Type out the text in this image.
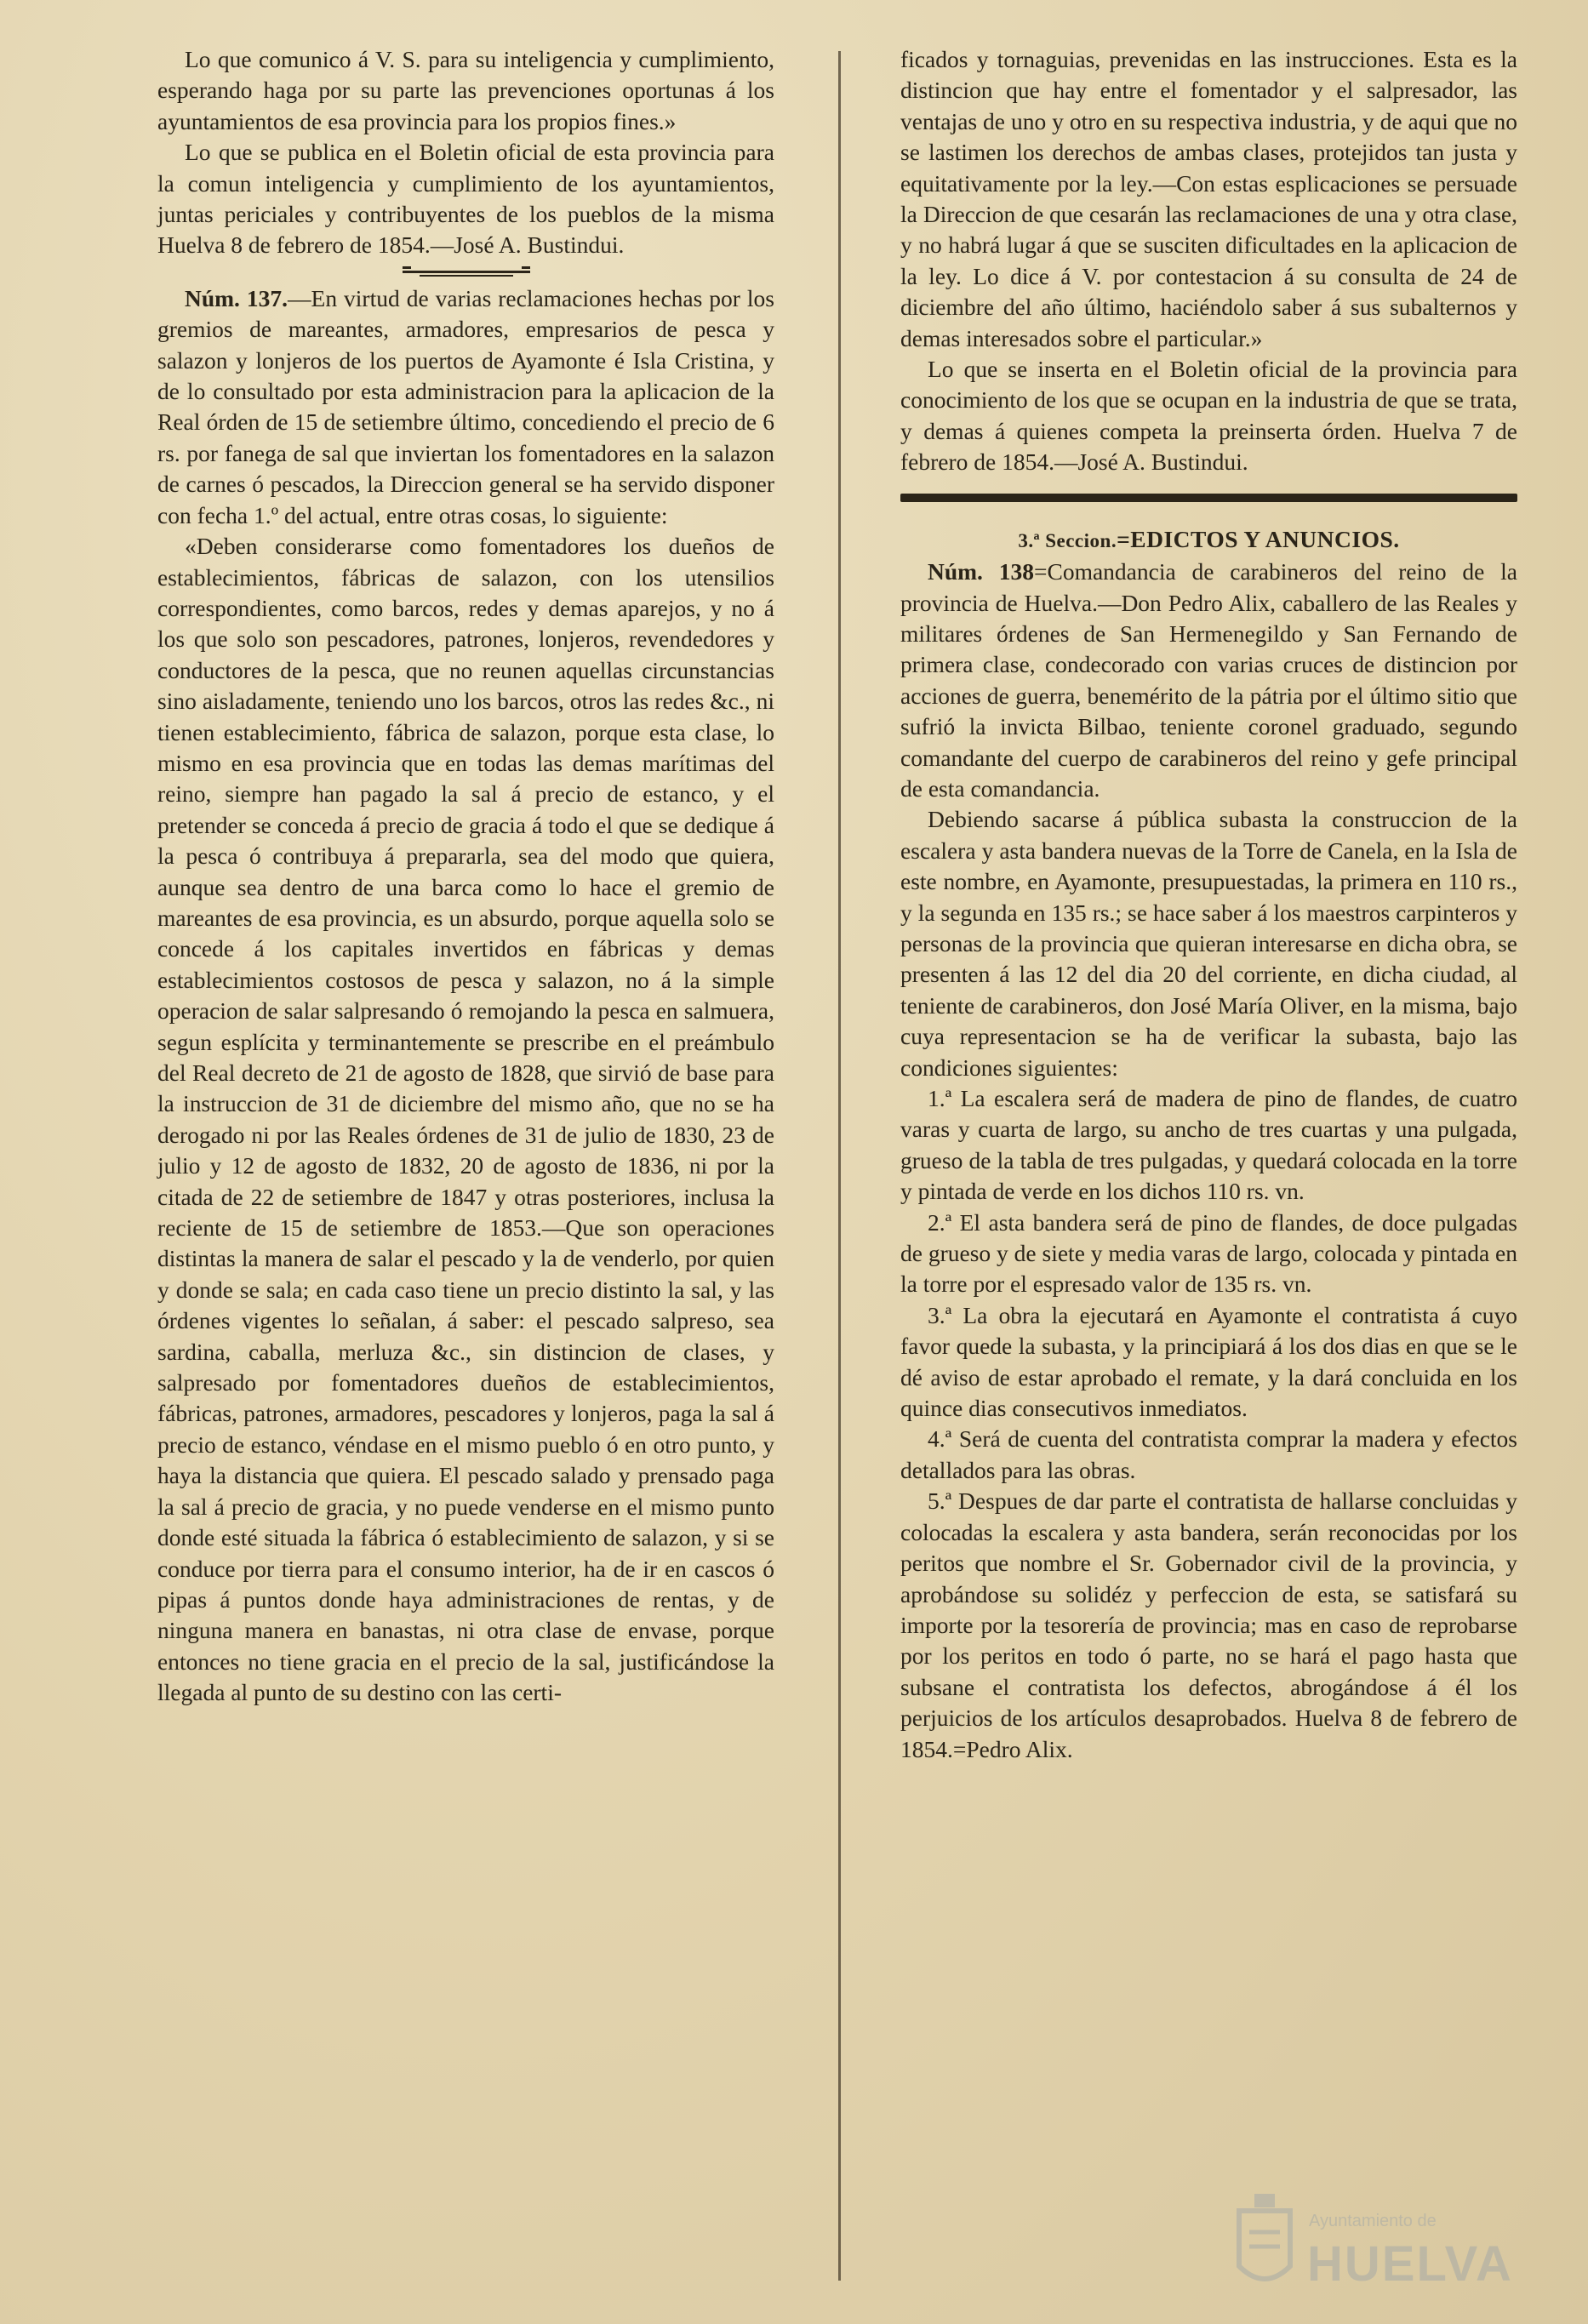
Lo que comunico á V. S. para su inteligencia y cumplimiento, esperando haga por su parte las prevenciones oportunas á los ayuntamientos de esa provincia para los propios fines.»

Lo que se publica en el Boletin oficial de esta provincia para la comun inteligencia y cumplimiento de los ayuntamientos, juntas periciales y contribuyentes de los pueblos de la misma Huelva 8 de febrero de 1854.—José A. Bustindui.

Núm. 137.—En virtud de varias reclamaciones hechas por los gremios de mareantes, armadores, empresarios de pesca y salazon y lonjeros de los puertos de Ayamonte é Isla Cristina, y de lo consultado por esta administracion para la aplicacion de la Real órden de 15 de setiembre último, concediendo el precio de 6 rs. por fanega de sal que inviertan los fomentadores en la salazon de carnes ó pescados, la Direccion general se ha servido disponer con fecha 1.º del actual, entre otras cosas, lo siguiente:

«Deben considerarse como fomentadores los dueños de establecimientos, fábricas de salazon, con los utensilios correspondientes, como barcos, redes y demas aparejos, y no á los que solo son pescadores, patrones, lonjeros, revendedores y conductores de la pesca, que no reunen aquellas circunstancias sino aisladamente, teniendo uno los barcos, otros las redes &c., ni tienen establecimiento, fábrica de salazon, porque esta clase, lo mismo en esa provincia que en todas las demas marítimas del reino, siempre han pagado la sal á precio de estanco, y el pretender se conceda á precio de gracia á todo el que se dedique á la pesca ó contribuya á prepararla, sea del modo que quiera, aunque sea dentro de una barca como lo hace el gremio de mareantes de esa provincia, es un absurdo, porque aquella solo se concede á los capitales invertidos en fábricas y demas establecimientos costosos de pesca y salazon, no á la simple operacion de salar salpresando ó remojando la pesca en salmuera, segun esplícita y terminantemente se prescribe en el preámbulo del Real decreto de 21 de agosto de 1828, que sirvió de base para la instruccion de 31 de diciembre del mismo año, que no se ha derogado ni por las Reales órdenes de 31 de julio de 1830, 23 de julio y 12 de agosto de 1832, 20 de agosto de 1836, ni por la citada de 22 de setiembre de 1847 y otras posteriores, inclusa la reciente de 15 de setiembre de 1853.—Que son operaciones distintas la manera de salar el pescado y la de venderlo, por quien y donde se sala; en cada caso tiene un precio distinto la sal, y las órdenes vigentes lo señalan, á saber: el pescado salpreso, sea sardina, caballa, merluza &c., sin distincion de clases, y salpresado por fomentadores dueños de establecimientos, fábricas, patrones, armadores, pescadores y lonjeros, paga la sal á precio de estanco, véndase en el mismo pueblo ó en otro punto, y haya la distancia que quiera. El pescado salado y prensado paga la sal á precio de gracia, y no puede venderse en el mismo punto donde esté situada la fábrica ó establecimiento de salazon, y si se conduce por tierra para el consumo interior, ha de ir en cascos ó pipas á puntos donde haya administraciones de rentas, y de ninguna manera en banastas, ni otra clase de envase, porque entonces no tiene gracia en el precio de la sal, justificándose la llegada al punto de su destino con las certi-

ficados y tornaguias, prevenidas en las instrucciones. Esta es la distincion que hay entre el fomentador y el salpresador, las ventajas de uno y otro en su respectiva industria, y de aqui que no se lastimen los derechos de ambas clases, protejidos tan justa y equitativamente por la ley.—Con estas esplicaciones se persuade la Direccion de que cesarán las reclamaciones de una y otra clase, y no habrá lugar á que se susciten dificultades en la aplicacion de la ley. Lo dice á V. por contestacion á su consulta de 24 de diciembre del año último, haciéndolo saber á sus subalternos y demas interesados sobre el particular.»

Lo que se inserta en el Boletin oficial de la provincia para conocimiento de los que se ocupan en la industria de que se trata, y demas á quienes competa la preinserta órden. Huelva 7 de febrero de 1854.—José A. Bustindui.

3.ª Seccion.=EDICTOS Y ANUNCIOS.

Núm. 138=Comandancia de carabineros del reino de la provincia de Huelva.—Don Pedro Alix, caballero de las Reales y militares órdenes de San Hermenegildo y San Fernando de primera clase, condecorado con varias cruces de distincion por acciones de guerra, benemérito de la pátria por el último sitio que sufrió la invicta Bilbao, teniente coronel graduado, segundo comandante del cuerpo de carabineros del reino y gefe principal de esta comandancia.

Debiendo sacarse á pública subasta la construccion de la escalera y asta bandera nuevas de la Torre de Canela, en la Isla de este nombre, en Ayamonte, presupuestadas, la primera en 110 rs., y la segunda en 135 rs.; se hace saber á los maestros carpinteros y personas de la provincia que quieran interesarse en dicha obra, se presenten á las 12 del dia 20 del corriente, en dicha ciudad, al teniente de carabineros, don José María Oliver, en la misma, bajo cuya representacion se ha de verificar la subasta, bajo las condiciones siguientes:

1.ª La escalera será de madera de pino de flandes, de cuatro varas y cuarta de largo, su ancho de tres cuartas y una pulgada, grueso de la tabla de tres pulgadas, y quedará colocada en la torre y pintada de verde en los dichos 110 rs. vn.

2.ª El asta bandera será de pino de flandes, de doce pulgadas de grueso y de siete y media varas de largo, colocada y pintada en la torre por el espresado valor de 135 rs. vn.

3.ª La obra la ejecutará en Ayamonte el contratista á cuyo favor quede la subasta, y la principiará á los dos dias en que se le dé aviso de estar aprobado el remate, y la dará concluida en los quince dias consecutivos inmediatos.

4.ª Será de cuenta del contratista comprar la madera y efectos detallados para las obras.

5.ª Despues de dar parte el contratista de hallarse concluidas y colocadas la escalera y asta bandera, serán reconocidas por los peritos que nombre el Sr. Gobernador civil de la provincia, y aprobándose su solidéz y perfeccion de esta, se satisfará su importe por la tesorería de provincia; mas en caso de reprobarse por los peritos en todo ó parte, no se hará el pago hasta que subsane el contratista los defectos, abrogándose á él los perjuicios de los artículos desaprobados. Huelva 8 de febrero de 1854.=Pedro Alix.

Ayuntamiento de
HUELVA
